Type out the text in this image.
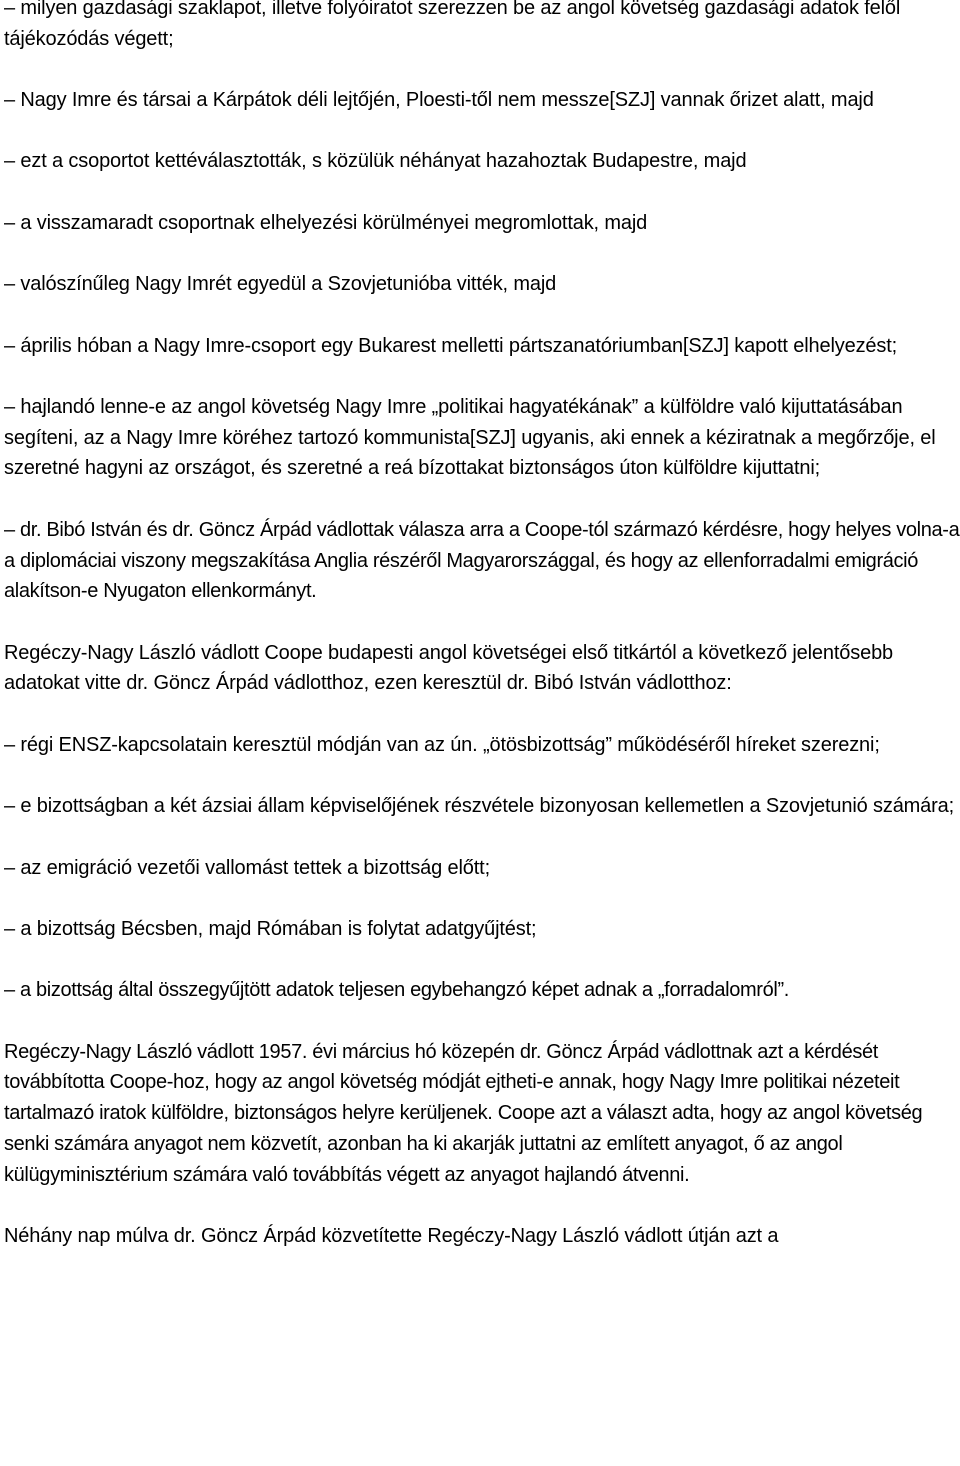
– milyen gazdasági szaklapot, illetve folyóiratot szerezzen be az angol követség gazdasági adatok felől tájékozódás végett;

– Nagy Imre és társai a Kárpátok déli lejtőjén, Ploesti-től nem messze[SZJ] vannak őrizet alatt, majd

– ezt a csoportot kettéválasztották, s közülük néhányat hazahoztak Budapestre, majd

– a visszamaradt csoportnak elhelyezési körülményei megromlottak, majd

– valószínűleg Nagy Imrét egyedül a Szovjetunióba vitték, majd

– április hóban a Nagy Imre-csoport egy Bukarest melletti pártszanatóriumban[SZJ] kapott elhelyezést;

– hajlandó lenne-e az angol követség Nagy Imre „politikai hagyatékának” a külföldre való kijuttatásában segíteni, az a Nagy Imre köréhez tartozó kommunista[SZJ] ugyanis, aki ennek a kéziratnak a megőrzője, el szeretné hagyni az országot, és szeretné a reá bízottakat biztonságos úton külföldre kijuttatni;

– dr. Bibó István és dr. Göncz Árpád vádlottak válasza arra a Coope-tól származó kérdésre, hogy helyes volna-a a diplomáciai viszony megszakítása Anglia részéről Magyarországgal, és hogy az ellenforradalmi emigráció alakítson-e Nyugaton ellenkormányt.

Regéczy-Nagy László vádlott Coope budapesti angol követségei első titkártól a következő jelentősebb adatokat vitte dr. Göncz Árpád vádlotthoz, ezen keresztül dr. Bibó István vádlotthoz:

– régi ENSZ-kapcsolatain keresztül módján van az ún. „ötösbizottság” működéséről híreket szerezni;

– e bizottságban a két ázsiai állam képviselőjének részvétele bizonyosan kellemetlen a Szovjetunió számára;

– az emigráció vezetői vallomást tettek a bizottság előtt;

– a bizottság Bécsben, majd Rómában is folytat adatgyűjtést;

– a bizottság által összegyűjtött adatok teljesen egybehangzó képet adnak a „forradalomról”.

Regéczy-Nagy László vádlott 1957. évi március hó közepén dr. Göncz Árpád vádlottnak azt a kérdését továbbította Coope-hoz, hogy az angol követség módját ejtheti-e annak, hogy Nagy Imre politikai nézeteit tartalmazó iratok külföldre, biztonságos helyre kerüljenek. Coope azt a választ adta, hogy az angol követség senki számára anyagot nem közvetít, azonban ha ki akarják juttatni az említett anyagot, ő az angol külügyminisztérium számára való továbbítás végett az anyagot hajlandó átvenni.

Néhány nap múlva dr. Göncz Árpád közvetítette Regéczy-Nagy László vádlott útján azt a
